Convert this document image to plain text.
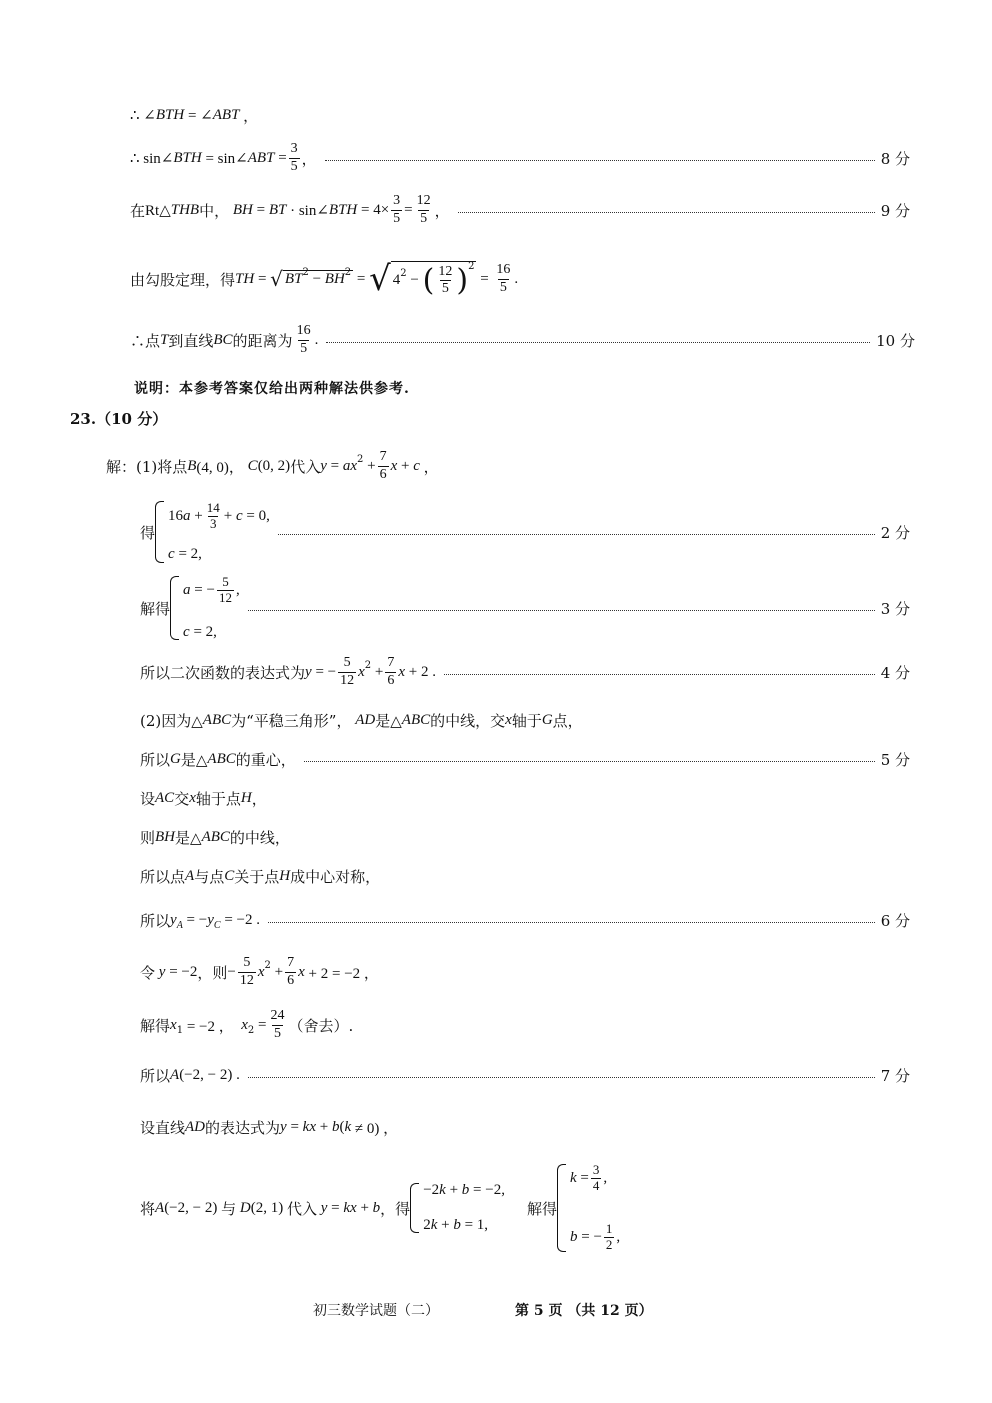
∴ ∠ BTH = ∠ ABT ，
∴ sin∠ BTH = sin∠ ABT = $\frac{3}{5}$ ，	8 分
在 Rt△ THB 中， BH = BT · sin∠ BTH = $4\times \frac{3}{5} = \frac{12}{5}$ ，	9 分
由勾股定理，得 TH = √ BT 2 − BH 2 = √ 4 2 − ( $\frac{12}{5}$ ) 2
= $\frac{16}{5}$ .
∴点 T 到直线 BC 的距离为 $\frac{16}{5}$ .	10 分
说明：本参考答案仅给出两种解法供参考.
23.（10 分）
解：(1)将点 B (4, 0)， C (0, 2) 代入 y = ax $2 + \frac{7}{6}$ x + c ，
得
16 $a + \frac{14}{3} + c = 0$,
c = 2,
2 分
解得
a = − $\frac{5}{12}$ ,
c = 2,
3 分
所以二次函数的表达式为 y = − $\frac{5}{12}$ x $2 + \frac{7}{6}$ x + 2 .	4 分
(2)因为△ ABC 为“平稳三角形”，
AD 是△ ABC 的中线，交 x 轴于 G 点，
所以 G 是△ ABC 的重心，	5 分
设 AC 交 x 轴于点 H ，
则 BH 是△ ABC 的中线，
所以点 A 与点 C 关于点 H 成中心对称，
所以 y A = − y C = −2 .	6 分
令 y = −2 ，则 − $\frac{5}{12}$ x $2 + \frac{7}{6}$ x + 2 = −2 ，
解得 x 1 = −2 ， x $2 = \frac{24}{5}$ （舍去）.
所以 A (−2, − 2) .	7 分
设直线 AD 的表达式为 y = kx + b ( k ≠ 0) ，
将 A (−2, − 2) 与 D (2, 1) 代入 y = kx + b ，得
−2 k + b = −2,
2 k + b = 1,
解得
$k = \frac{3}{4}$ ,
b = − $\frac{1}{2}$ ,
初三数学试题（二）	第 5 页 （共 12 页）
